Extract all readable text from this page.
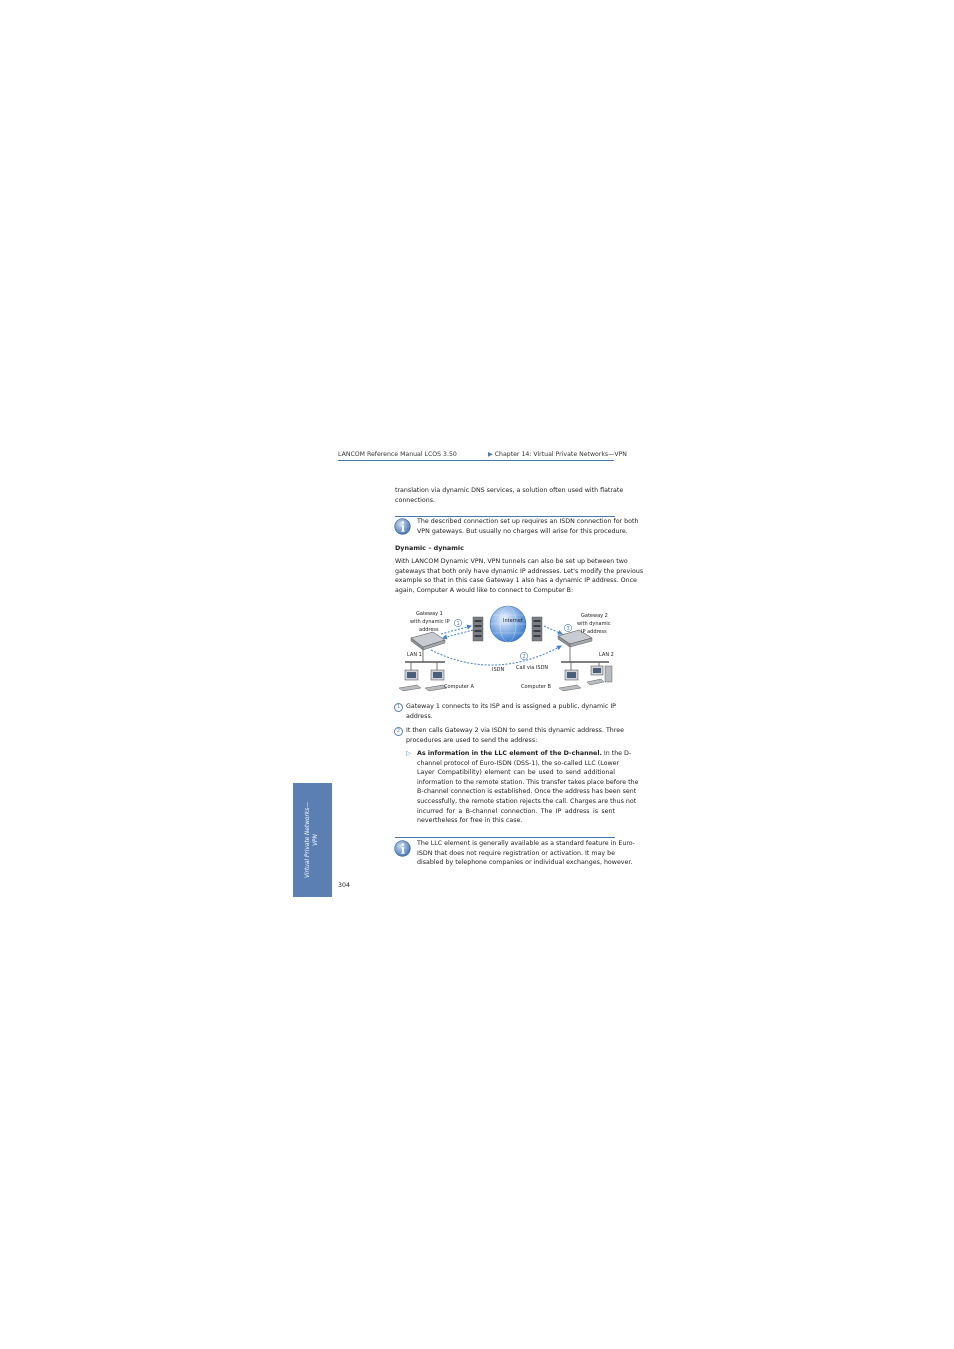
LANCOM Reference Manual LCOS 3.50	▶ Chapter 14: Virtual Private Networks—VPN
translation via dynamic DNS services, a solution often used with flatrate
connections.
The described connection set up requires an ISDN connection for both
VPN gateways. But usually no charges will arise for this procedure.
Dynamic – dynamic
With LANCOM Dynamic VPN, VPN tunnels can also be set up between two
gateways that both only have dynamic IP addresses. Let's modify the previous
example so that in this case Gateway 1 also has a dynamic IP address. Once
again, Computer A would like to connect to Computer B:
Internet
Gateway 1
with dynamic IP
address
Gateway 2
with dynamic
IP address
LAN 1	LAN 2
ISDN Call via ISDN
Computer A	Computer B
1
2
3
1 Gateway 1 connects to its ISP and is assigned a public, dynamic IP
address.
2 It then calls Gateway 2 via ISDN to send this dynamic address. Three
procedures are used to send the address:
▷ As information in the LLC element of the D-channel. In the D-
channel protocol of Euro-ISDN (DSS-1), the so-called LLC (Lower
Layer Compatibility) element can be used to send additional
information to the remote station. This transfer takes place before the
B-channel connection is established. Once the address has been sent
successfully, the remote station rejects the call. Charges are thus not
incurred for a B-channel connection. The IP address is sent
nevertheless for free in this case.
The LLC element is generally available as a standard feature in Euro-
ISDN that does not require registration or activation. It may be
disabled by telephone companies or individual exchanges, however.
Virtual Private Networks— VPN
304
